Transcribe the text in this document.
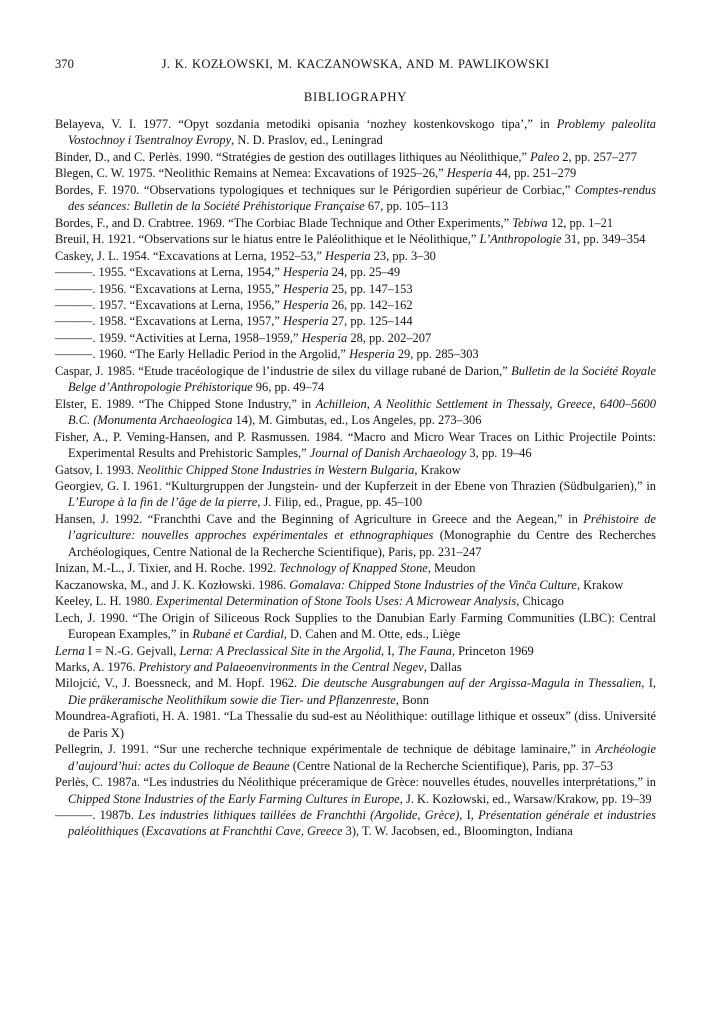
370	J. K. KOZŁOWSKI, M. KACZANOWSKA, AND M. PAWLIKOWSKI
BIBLIOGRAPHY

Belayeva, V. I. 1977. “Opyt sozdania metodiki opisania ‘nozhey kostenkovskogo tipa’,” in Problemy paleolita Vostochnoy i Tsentralnoy Evropy, N. D. Praslov, ed., Leningrad

Binder, D., and C. Perlès. 1990. “Stratégies de gestion des outillages lithiques au Néolithique,” Paleo 2, pp. 257–277

Blegen, C. W. 1975. “Neolithic Remains at Nemea: Excavations of 1925–26,” Hesperia 44, pp. 251–279

Bordes, F. 1970. “Observations typologiques et techniques sur le Périgordien supérieur de Corbiac,” Comptes-rendus des séances: Bulletin de la Société Préhistorique Française 67, pp. 105–113

Bordes, F., and D. Crabtree. 1969. “The Corbiac Blade Technique and Other Experiments,” Tebiwa 12, pp. 1–21

Breuil, H. 1921. “Observations sur le hiatus entre le Paléolithique et le Néolithique,” L’Anthropologie 31, pp. 349–354

Caskey, J. L. 1954. “Excavations at Lerna, 1952–53,” Hesperia 23, pp. 3–30

———. 1955. “Excavations at Lerna, 1954,” Hesperia 24, pp. 25–49

———. 1956. “Excavations at Lerna, 1955,” Hesperia 25, pp. 147–153

———. 1957. “Excavations at Lerna, 1956,” Hesperia 26, pp. 142–162

———. 1958. “Excavations at Lerna, 1957,” Hesperia 27, pp. 125–144

———. 1959. “Activities at Lerna, 1958–1959,” Hesperia 28, pp. 202–207

———. 1960. “The Early Helladic Period in the Argolid,” Hesperia 29, pp. 285–303

Caspar, J. 1985. “Etude tracéologique de l’industrie de silex du village rubané de Darion,” Bulletin de la Société Royale Belge d’Anthropologie Préhistorique 96, pp. 49–74

Elster, E. 1989. “The Chipped Stone Industry,” in Achilleion, A Neolithic Settlement in Thessaly, Greece, 6400–5600 B.C. (Monumenta Archaeologica 14), M. Gimbutas, ed., Los Angeles, pp. 273–306

Fisher, A., P. Veming-Hansen, and P. Rasmussen. 1984. “Macro and Micro Wear Traces on Lithic Projectile Points: Experimental Results and Prehistoric Samples,” Journal of Danish Archaeology 3, pp. 19–46

Gatsov, I. 1993. Neolithic Chipped Stone Industries in Western Bulgaria, Krakow

Georgiev, G. I. 1961. “Kulturgruppen der Jungstein- und der Kupferzeit in der Ebene von Thrazien (Südbulgarien),” in L’Europe à la fin de l’âge de la pierre, J. Filip, ed., Prague, pp. 45–100

Hansen, J. 1992. “Franchthi Cave and the Beginning of Agriculture in Greece and the Aegean,” in Préhistoire de l’agriculture: nouvelles approches expérimentales et ethnographiques (Monographie du Centre des Recherches Archéologiques, Centre National de la Recherche Scientifique), Paris, pp. 231–247

Inizan, M.-L., J. Tixier, and H. Roche. 1992. Technology of Knapped Stone, Meudon

Kaczanowska, M., and J. K. Kozłowski. 1986. Gomalava: Chipped Stone Industries of the Vinča Culture, Krakow

Keeley, L. H. 1980. Experimental Determination of Stone Tools Uses: A Microwear Analysis, Chicago

Lech, J. 1990. “The Origin of Siliceous Rock Supplies to the Danubian Early Farming Communities (LBC): Central European Examples,” in Rubané et Cardial, D. Cahen and M. Otte, eds., Liège

Lerna I = N.-G. Gejvall, Lerna: A Preclassical Site in the Argolid, I, The Fauna, Princeton 1969

Marks, A. 1976. Prehistory and Palaeoenvironments in the Central Negev, Dallas

Milojcić, V., J. Boessneck, and M. Hopf. 1962. Die deutsche Ausgrabungen auf der Argissa-Magula in Thessalien, I, Die präkeramische Neolithikum sowie die Tier- und Pflanzenreste, Bonn

Moundrea-Agrafioti, H. A. 1981. “La Thessalie du sud-est au Néolithique: outillage lithique et osseux” (diss. Université de Paris X)

Pellegrin, J. 1991. “Sur une recherche technique expérimentale de technique de débitage laminaire,” in Archéologie d’aujourd’hui: actes du Colloque de Beaune (Centre National de la Recherche Scientifique), Paris, pp. 37–53

Perlès, C. 1987a. “Les industries du Néolithique préceramique de Grèce: nouvelles études, nouvelles interprétations,” in Chipped Stone Industries of the Early Farming Cultures in Europe, J. K. Kozłowski, ed., Warsaw/Krakow, pp. 19–39

———. 1987b. Les industries lithiques taillées de Franchthi (Argolide, Grèce), I, Présentation générale et industries paléolithiques (Excavations at Franchthi Cave, Greece 3), T. W. Jacobsen, ed., Bloomington, Indiana
